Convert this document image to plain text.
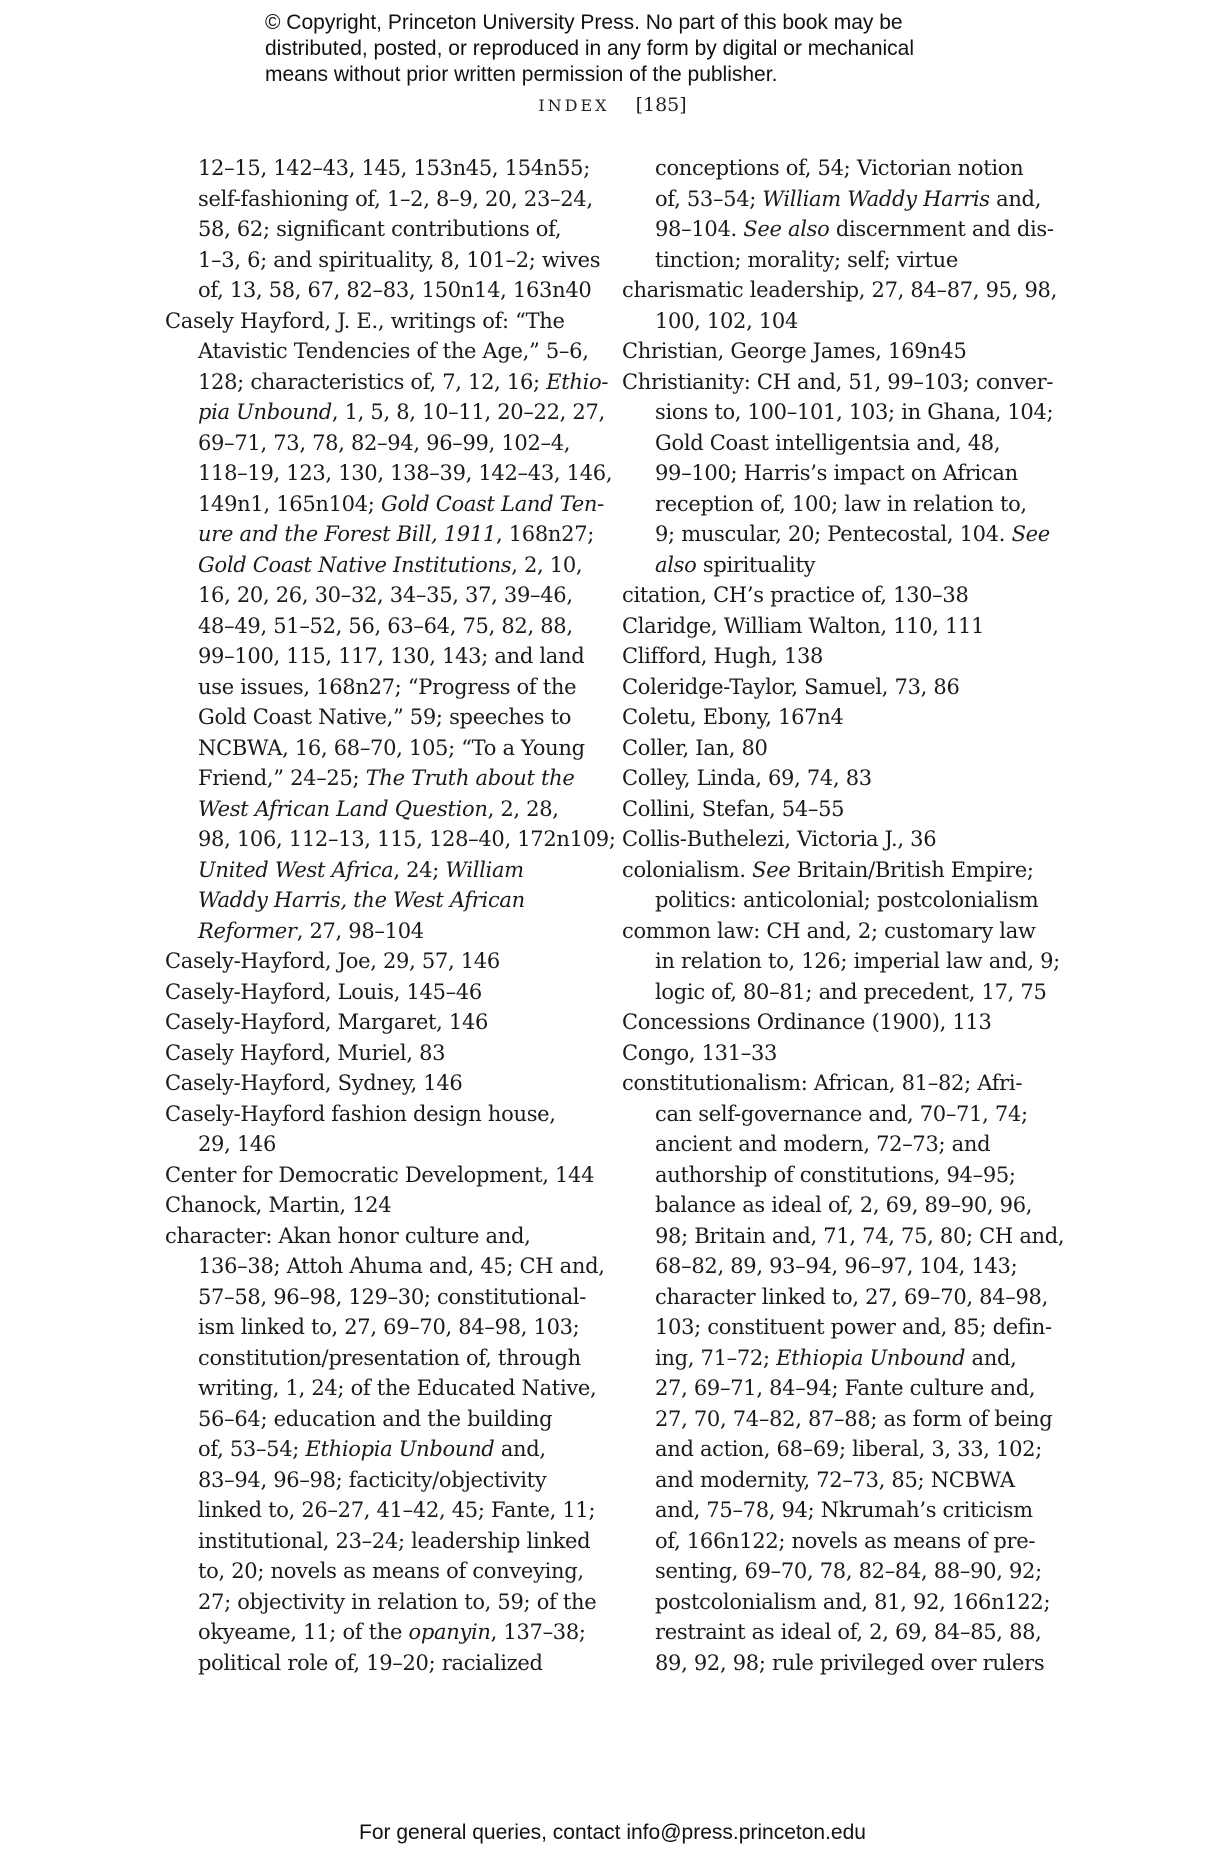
© Copyright, Princeton University Press. No part of this book may be
distributed, posted, or reproduced in any form by digital or mechanical
means without prior written permission of the publisher.
INDEX [185]
12–15, 142–43, 145, 153n45, 154n55;
self-fashioning of, 1–2, 8–9, 20, 23–24,
58, 62; significant contributions of,
1–3, 6; and spirituality, 8, 101–2; wives
of, 13, 58, 67, 82–83, 150n14, 163n40
Casely Hayford, J. E., writings of: “The
Atavistic Tendencies of the Age,” 5–6,
128; characteristics of, 7, 12, 16; Ethio-
pia Unbound, 1, 5, 8, 10–11, 20–22, 27,
69–71, 73, 78, 82–94, 96–99, 102–4,
118–19, 123, 130, 138–39, 142–43, 146,
149n1, 165n104; Gold Coast Land Ten-
ure and the Forest Bill, 1911, 168n27;
Gold Coast Native Institutions, 2, 10,
16, 20, 26, 30–32, 34–35, 37, 39–46,
48–49, 51–52, 56, 63–64, 75, 82, 88,
99–100, 115, 117, 130, 143; and land
use issues, 168n27; “Progress of the
Gold Coast Native,” 59; speeches to
NCBWA, 16, 68–70, 105; “To a Young
Friend,” 24–25; The Truth about the
West African Land Question, 2, 28,
98, 106, 112–13, 115, 128–40, 172n109;
United West Africa, 24; William
Waddy Harris, the West African
Reformer, 27, 98–104
Casely-Hayford, Joe, 29, 57, 146
Casely-Hayford, Louis, 145–46
Casely-Hayford, Margaret, 146
Casely Hayford, Muriel, 83
Casely-Hayford, Sydney, 146
Casely-Hayford fashion design house,
29, 146
Center for Democratic Development, 144
Chanock, Martin, 124
character: Akan honor culture and,
136–38; Attoh Ahuma and, 45; CH and,
57–58, 96–98, 129–30; constitutional-
ism linked to, 27, 69–70, 84–98, 103;
constitution/presentation of, through
writing, 1, 24; of the Educated Native,
56–64; education and the building
of, 53–54; Ethiopia Unbound and,
83–94, 96–98; facticity/objectivity
linked to, 26–27, 41–42, 45; Fante, 11;
institutional, 23–24; leadership linked
to, 20; novels as means of conveying,
27; objectivity in relation to, 59; of the
okyeame, 11; of the opanyin, 137–38;
political role of, 19–20; racialized
conceptions of, 54; Victorian notion
of, 53–54; William Waddy Harris and,
98–104. See also discernment and dis-
tinction; morality; self; virtue
charismatic leadership, 27, 84–87, 95, 98,
100, 102, 104
Christian, George James, 169n45
Christianity: CH and, 51, 99–103; conver-
sions to, 100–101, 103; in Ghana, 104;
Gold Coast intelligentsia and, 48,
99–100; Harris’s impact on African
reception of, 100; law in relation to,
9; muscular, 20; Pentecostal, 104. See
also spirituality
citation, CH’s practice of, 130–38
Claridge, William Walton, 110, 111
Clifford, Hugh, 138
Coleridge-Taylor, Samuel, 73, 86
Coletu, Ebony, 167n4
Coller, Ian, 80
Colley, Linda, 69, 74, 83
Collini, Stefan, 54–55
Collis-Buthelezi, Victoria J., 36
colonialism. See Britain/British Empire;
politics: anticolonial; postcolonialism
common law: CH and, 2; customary law
in relation to, 126; imperial law and, 9;
logic of, 80–81; and precedent, 17, 75
Concessions Ordinance (1900), 113
Congo, 131–33
constitutionalism: African, 81–82; Afri-
can self-governance and, 70–71, 74;
ancient and modern, 72–73; and
authorship of constitutions, 94–95;
balance as ideal of, 2, 69, 89–90, 96,
98; Britain and, 71, 74, 75, 80; CH and,
68–82, 89, 93–94, 96–97, 104, 143;
character linked to, 27, 69–70, 84–98,
103; constituent power and, 85; defin-
ing, 71–72; Ethiopia Unbound and,
27, 69–71, 84–94; Fante culture and,
27, 70, 74–82, 87–88; as form of being
and action, 68–69; liberal, 3, 33, 102;
and modernity, 72–73, 85; NCBWA
and, 75–78, 94; Nkrumah’s criticism
of, 166n122; novels as means of pre-
senting, 69–70, 78, 82–84, 88–90, 92;
postcolonialism and, 81, 92, 166n122;
restraint as ideal of, 2, 69, 84–85, 88,
89, 92, 98; rule privileged over rulers
For general queries, contact info@press.princeton.edu
